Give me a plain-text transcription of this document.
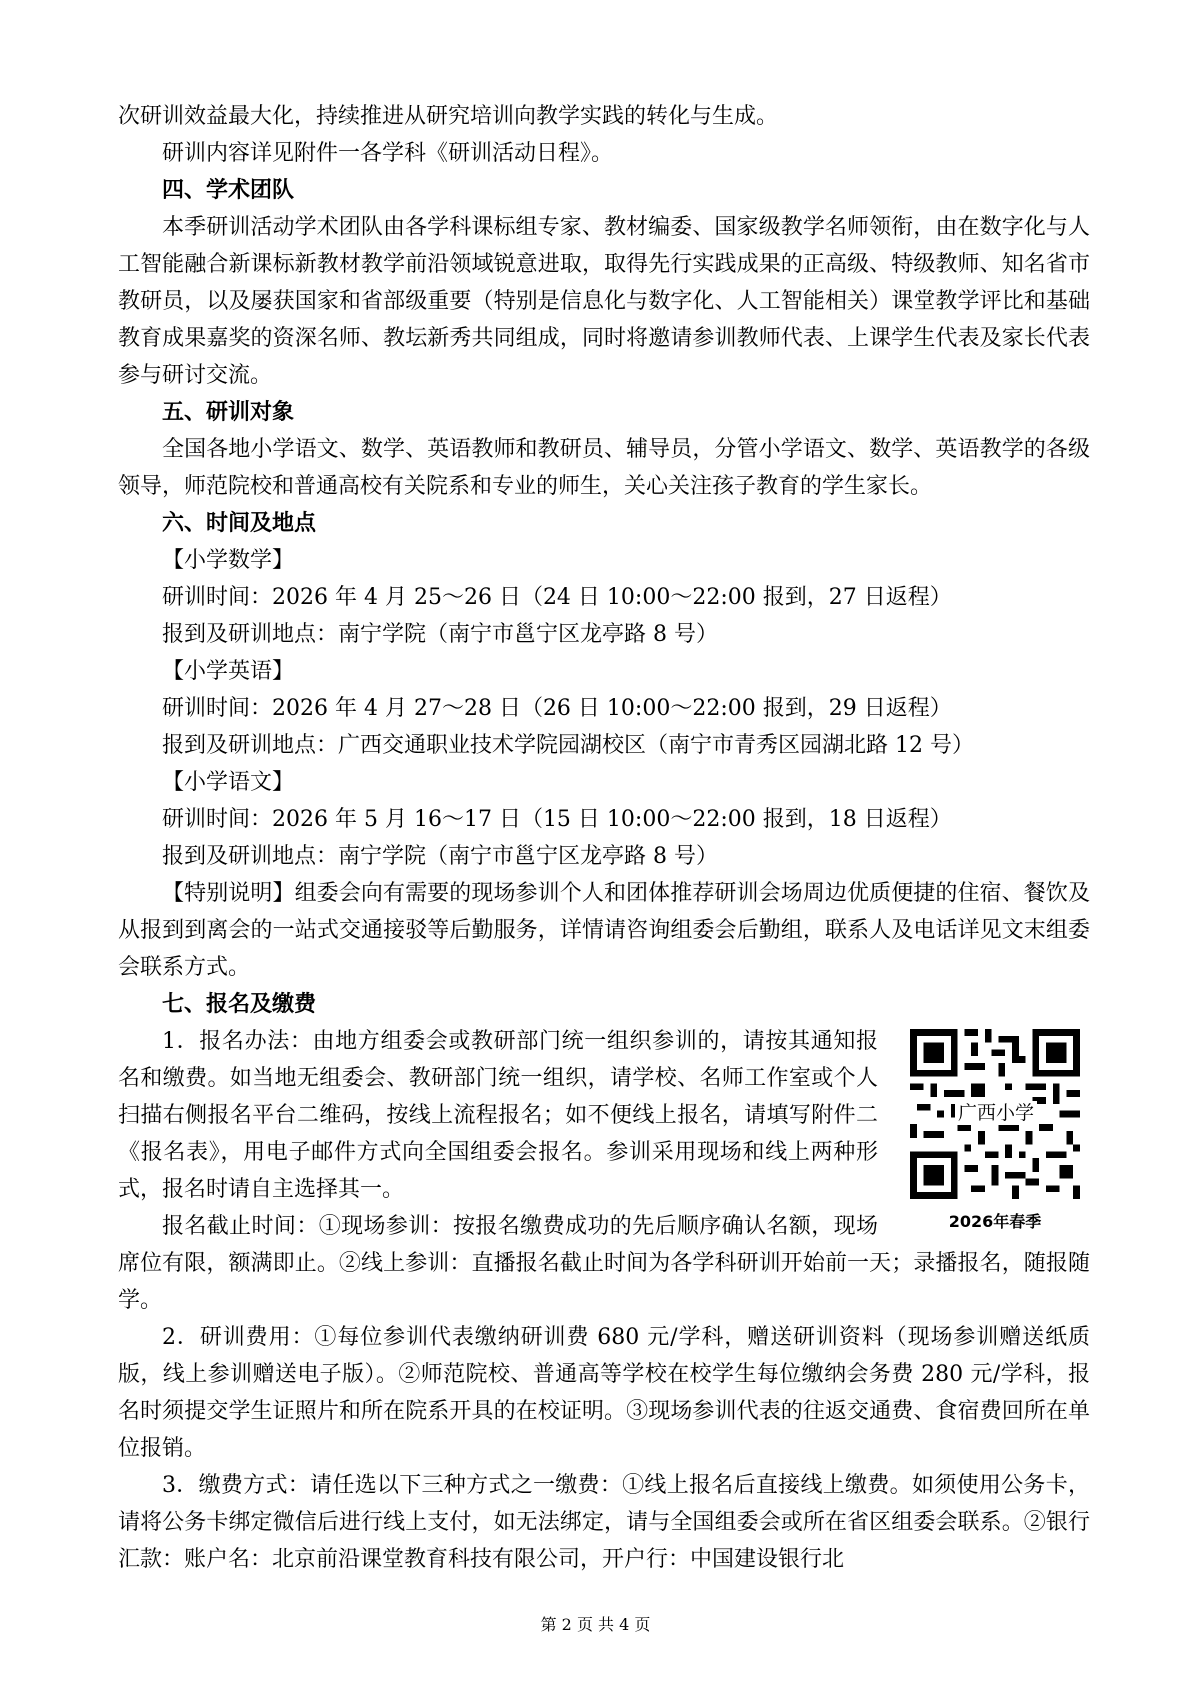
次研训效益最大化，持续推进从研究培训向教学实践的转化与生成。

研训内容详见附件一各学科《研训活动日程》。

四、学术团队

本季研训活动学术团队由各学科课标组专家、教材编委、国家级教学名师领衔，由在数字化与人工智能融合新课标新教材教学前沿领域锐意进取，取得先行实践成果的正高级、特级教师、知名省市教研员，以及屡获国家和省部级重要（特别是信息化与数字化、人工智能相关）课堂教学评比和基础教育成果嘉奖的资深名师、教坛新秀共同组成，同时将邀请参训教师代表、上课学生代表及家长代表参与研讨交流。

五、研训对象

全国各地小学语文、数学、英语教师和教研员、辅导员，分管小学语文、数学、英语教学的各级领导，师范院校和普通高校有关院系和专业的师生，关心关注孩子教育的学生家长。

六、时间及地点

【小学数学】

研训时间：2026 年 4 月 25～26 日（24 日 10:00～22:00 报到，27 日返程）

报到及研训地点：南宁学院（南宁市邕宁区龙亭路 8 号）

【小学英语】

研训时间：2026 年 4 月 27～28 日（26 日 10:00～22:00 报到，29 日返程）

报到及研训地点：广西交通职业技术学院园湖校区（南宁市青秀区园湖北路 12 号）

【小学语文】

研训时间：2026 年 5 月 16～17 日（15 日 10:00～22:00 报到，18 日返程）

报到及研训地点：南宁学院（南宁市邕宁区龙亭路 8 号）

【特别说明】组委会向有需要的现场参训个人和团体推荐研训会场周边优质便捷的住宿、餐饮及从报到到离会的一站式交通接驳等后勤服务，详情请咨询组委会后勤组，联系人及电话详见文末组委会联系方式。

七、报名及缴费

广西小学
2026年春季

1．报名办法：由地方组委会或教研部门统一组织参训的，请按其通知报名和缴费。如当地无组委会、教研部门统一组织，请学校、名师工作室或个人扫描右侧报名平台二维码，按线上流程报名；如不便线上报名，请填写附件二《报名表》，用电子邮件方式向全国组委会报名。参训采用现场和线上两种形式，报名时请自主选择其一。

报名截止时间：①现场参训：按报名缴费成功的先后顺序确认名额，现场席位有限，额满即止。②线上参训：直播报名截止时间为各学科研训开始前一天；录播报名，随报随学。

2．研训费用：①每位参训代表缴纳研训费 680 元/学科，赠送研训资料（现场参训赠送纸质版，线上参训赠送电子版）。②师范院校、普通高等学校在校学生每位缴纳会务费 280 元/学科，报名时须提交学生证照片和所在院系开具的在校证明。③现场参训代表的往返交通费、食宿费回所在单位报销。

3．缴费方式：请任选以下三种方式之一缴费：①线上报名后直接线上缴费。如须使用公务卡，请将公务卡绑定微信后进行线上支付，如无法绑定，请与全国组委会或所在省区组委会联系。②银行汇款：账户名：北京前沿课堂教育科技有限公司，开户行：中国建设银行北

第 2 页 共 4 页
